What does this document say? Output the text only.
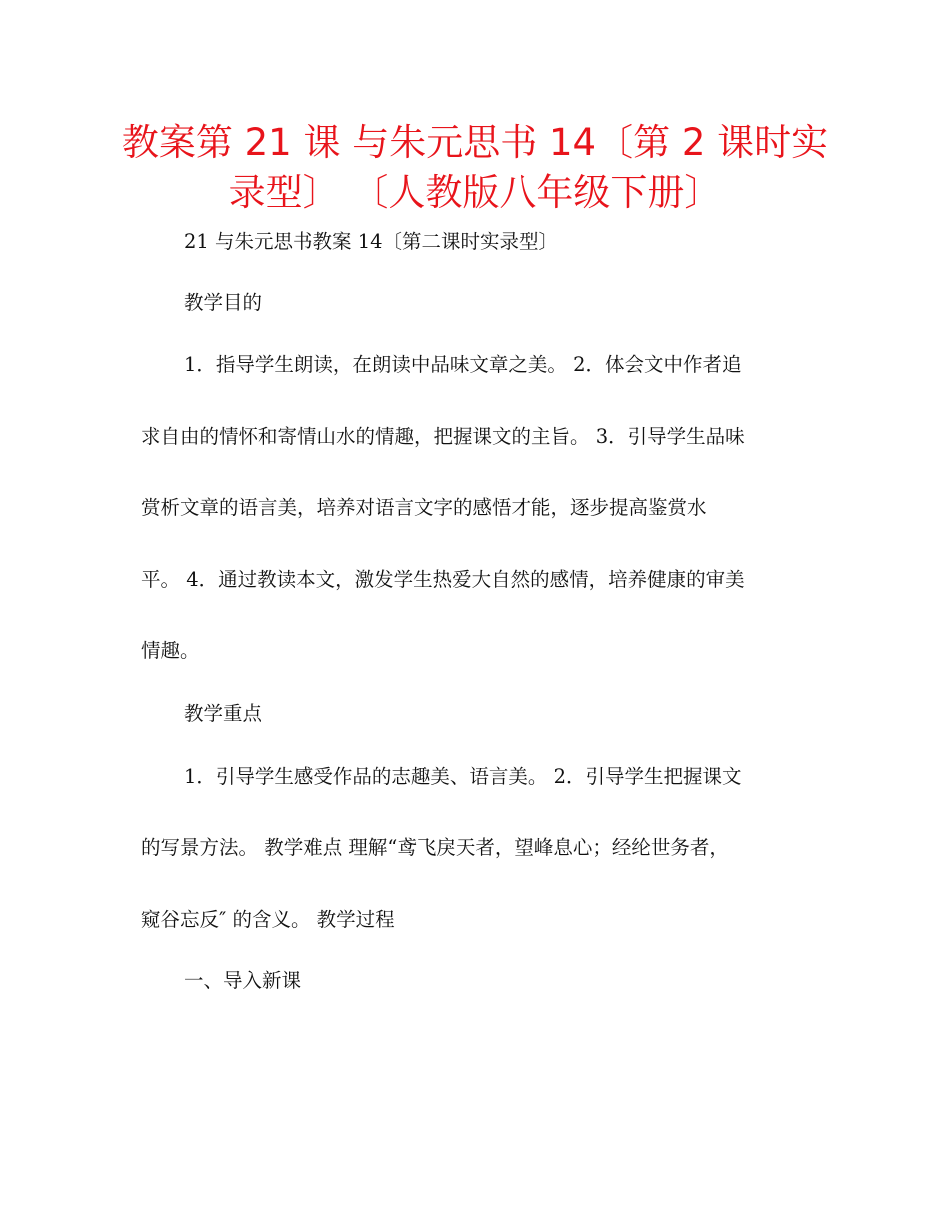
教案第 21 课 与朱元思书 14〔第 2 课时实
录型〕 〔人教版八年级下册〕
21 与朱元思书教案 14〔第二课时实录型〕
教学目的
1．指导学生朗读，在朗读中品味文章之美。 2．体会文中作者追
求自由的情怀和寄情山水的情趣，把握课文的主旨。 3．引导学生品味
赏析文章的语言美，培养对语言文字的感悟才能，逐步提高鉴赏水
平。 4．通过教读本文，激发学生热爱大自然的感情，培养健康的审美
情趣。
教学重点
1．引导学生感受作品的志趣美、语言美。 2．引导学生把握课文
的写景方法。 教学难点 理解“鸢飞戾天者，望峰息心；经纶世务者，
窥谷忘反″ 的含义。 教学过程
一、导入新课
